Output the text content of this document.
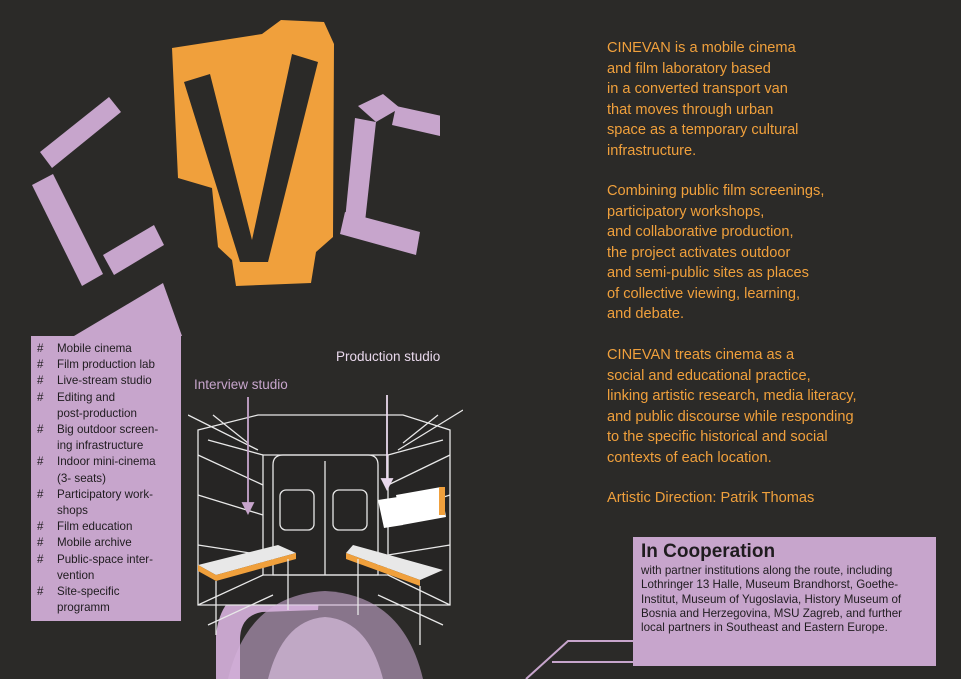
CINEVAN is a mobile cinema
and film laboratory based
in a converted transport van
that moves through urban
space as a temporary cultural
infrastructure.

Combining public film screenings,
participatory workshops,
and collaborative production,
the project activates outdoor
and semi-public sites as places
of collective viewing, learning,
and debate.

CINEVAN treats cinema as a
social and educational practice,
linking artistic research, media literacy,
and public discourse while responding
to the specific historical and social
contexts of each location.

Artistic Direction: Patrik Thomas

# Mobile cinema
# Film production lab
# Live-stream studio
# Editing and
post-production
# Big outdoor screen-
ing infrastructure
# Indoor mini-cinema
(3- seats)
# Participatory work-
shops
# Film education
# Mobile archive
# Public-space inter-
vention
# Site-specific
programm
Interview studio
Production studio
In Cooperation

with partner institutions along the route, including Lothringer 13 Halle, Museum Brandhorst, Goethe-Institut, Museum of Yugoslavia, History Museum of Bosnia and Herzegovina, MSU Zagreb, and further local partners in Southeast and Eastern Europe.
